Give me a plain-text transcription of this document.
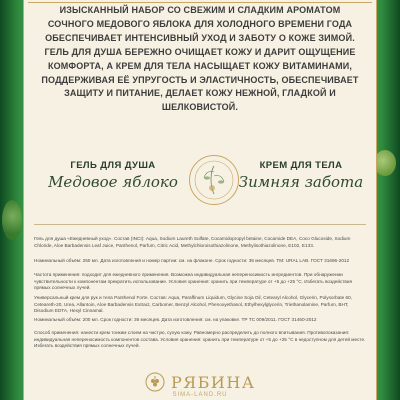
ИЗЫСКАННЫЙ НАБОР СО СВЕЖИМ И СЛАДКИМ АРОМАТОМ СОЧНОГО МЕДОВОГО ЯБЛОКА ДЛЯ ХОЛОДНОГО ВРЕМЕНИ ГОДА ОБЕСПЕЧИВАЕТ ИНТЕНСИВНЫЙ УХОД И ЗАБОТУ О КОЖЕ ЗИМОЙ. ГЕЛЬ ДЛЯ ДУША БЕРЕЖНО ОЧИЩАЕТ КОЖУ И ДАРИТ ОЩУЩЕНИЕ КОМФОРТА, А КРЕМ ДЛЯ ТЕЛА НАСЫЩАЕТ КОЖУ ВИТАМИНАМИ, ПОДДЕРЖИВАЯ ЕЁ УПРУГОСТЬ И ЭЛАСТИЧНОСТЬ, ОБЕСПЕЧИВАЕТ ЗАЩИТУ И ПИТАНИЕ, ДЕЛАЕТ КОЖУ НЕЖНОЙ, ГЛАДКОЙ И ШЕЛКОВИСТОЙ.
ГЕЛЬ ДЛЯ ДУША
Медовое яблоко
КРЕМ ДЛЯ ТЕЛА
Зимняя забота
Гель для душа «Ежедневный уход». Состав (INCI): Aqua, Sodium Laureth Sulfate, Cocamidopropyl betaine, Cocamide DEA, Coco Glucoside, Sodium Chloride, Aloe Barbadensis Leaf Juice, Panthenol, Parfum, Citric Acid, Methylchloroisothiazolinone, Methylisothiazolinone, E102, E133.
Номинальный объём: 250 мл. Дата изготовления и номер партии: см. на флаконе. Срок годности: 36 месяцев. ТМ: URAL LAB. ГОСТ 31696-2012
Частота применения: подходит для ежедневного применения. Возможна индивидуальная непереносимость ингредиентов. При обнаружении чувствительности к компонентам прекратить использование. Условия хранения: хранить при температуре от +5 до +25 °С. Избегать воздействия прямых солнечных лучей.
Универсальный крем для рук и тела Panthenol Forte. Состав: Aqua, Paraffinum Liquidum, Glycine Soja Oil, Cetearyl Alcohol, Glycerin, Polysorbate 60, Ceteareth-20, Urea, Allantoin, Aloe Barbadensis Extract, Carbomer, Benzyl Alcohol, Phenoxyethanol, Ethylhexylglycerin, Triethanolamine, Parfum, BHT, Disodium EDTA, Hexyl Cinnamal.
Номинальный объём: 200 мл. Срок годности: 36 месяцев. Дата изготовления: см. на упаковке. ТР ТС 009/2011. ГОСТ 31460-2012
Способ применения: нанести крем тонким слоем на чистую, сухую кожу. Равномерно распределить до полного впитывания. Противопоказания: индивидуальная непереносимость компонентов состава. Условия хранения: хранить при температуре от +5 до +25 °С в недоступном для детей месте. Избегать воздействия прямых солнечных лучей.
РЯБИНА
SIMA-LAND.RU
